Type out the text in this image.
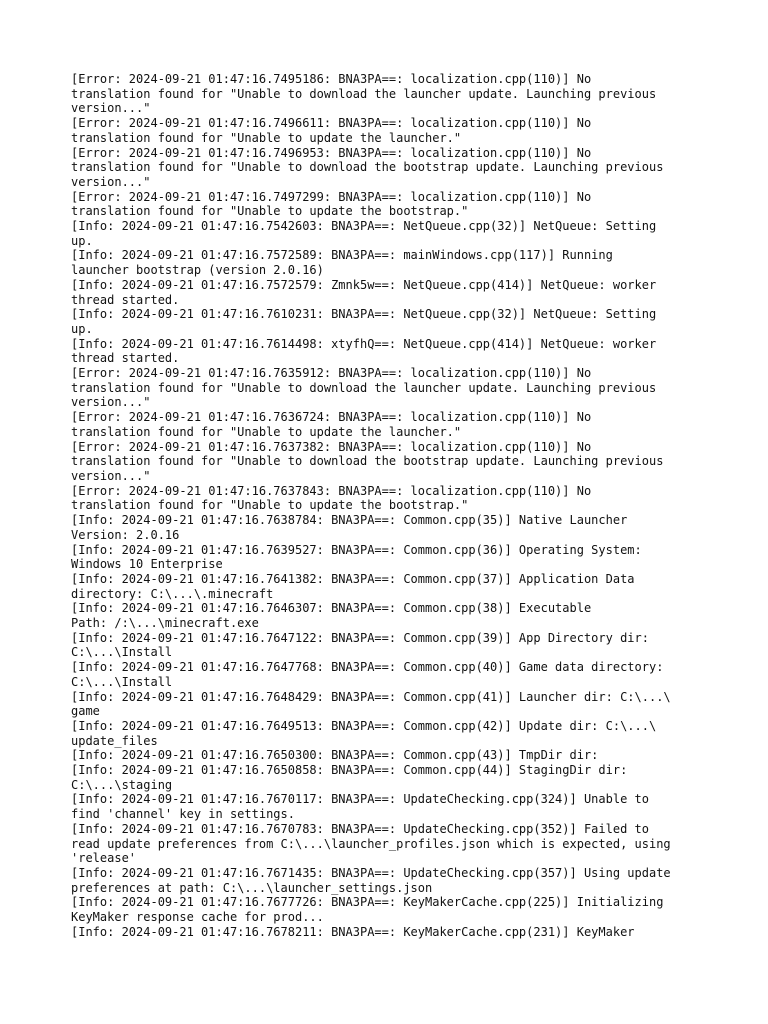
[Error: 2024-09-21 01:47:16.7495186: BNA3PA==: localization.cpp(110)] No
translation found for "Unable to download the launcher update. Launching previous
version..."
[Error: 2024-09-21 01:47:16.7496611: BNA3PA==: localization.cpp(110)] No
translation found for "Unable to update the launcher."
[Error: 2024-09-21 01:47:16.7496953: BNA3PA==: localization.cpp(110)] No
translation found for "Unable to download the bootstrap update. Launching previous
version..."
[Error: 2024-09-21 01:47:16.7497299: BNA3PA==: localization.cpp(110)] No
translation found for "Unable to update the bootstrap."
[Info: 2024-09-21 01:47:16.7542603: BNA3PA==: NetQueue.cpp(32)] NetQueue: Setting
up.
[Info: 2024-09-21 01:47:16.7572589: BNA3PA==: mainWindows.cpp(117)] Running
launcher bootstrap (version 2.0.16)
[Info: 2024-09-21 01:47:16.7572579: Zmnk5w==: NetQueue.cpp(414)] NetQueue: worker
thread started.
[Info: 2024-09-21 01:47:16.7610231: BNA3PA==: NetQueue.cpp(32)] NetQueue: Setting
up.
[Info: 2024-09-21 01:47:16.7614498: xtyfhQ==: NetQueue.cpp(414)] NetQueue: worker
thread started.
[Error: 2024-09-21 01:47:16.7635912: BNA3PA==: localization.cpp(110)] No
translation found for "Unable to download the launcher update. Launching previous
version..."
[Error: 2024-09-21 01:47:16.7636724: BNA3PA==: localization.cpp(110)] No
translation found for "Unable to update the launcher."
[Error: 2024-09-21 01:47:16.7637382: BNA3PA==: localization.cpp(110)] No
translation found for "Unable to download the bootstrap update. Launching previous
version..."
[Error: 2024-09-21 01:47:16.7637843: BNA3PA==: localization.cpp(110)] No
translation found for "Unable to update the bootstrap."
[Info: 2024-09-21 01:47:16.7638784: BNA3PA==: Common.cpp(35)] Native Launcher
Version: 2.0.16
[Info: 2024-09-21 01:47:16.7639527: BNA3PA==: Common.cpp(36)] Operating System:
Windows 10 Enterprise
[Info: 2024-09-21 01:47:16.7641382: BNA3PA==: Common.cpp(37)] Application Data
directory: C:\...\.minecraft
[Info: 2024-09-21 01:47:16.7646307: BNA3PA==: Common.cpp(38)] Executable
Path: /:\...\minecraft.exe
[Info: 2024-09-21 01:47:16.7647122: BNA3PA==: Common.cpp(39)] App Directory dir:
C:\...\Install
[Info: 2024-09-21 01:47:16.7647768: BNA3PA==: Common.cpp(40)] Game data directory:
C:\...\Install
[Info: 2024-09-21 01:47:16.7648429: BNA3PA==: Common.cpp(41)] Launcher dir: C:\...\
game
[Info: 2024-09-21 01:47:16.7649513: BNA3PA==: Common.cpp(42)] Update dir: C:\...\
update_files
[Info: 2024-09-21 01:47:16.7650300: BNA3PA==: Common.cpp(43)] TmpDir dir:
[Info: 2024-09-21 01:47:16.7650858: BNA3PA==: Common.cpp(44)] StagingDir dir:
C:\...\staging
[Info: 2024-09-21 01:47:16.7670117: BNA3PA==: UpdateChecking.cpp(324)] Unable to
find 'channel' key in settings.
[Info: 2024-09-21 01:47:16.7670783: BNA3PA==: UpdateChecking.cpp(352)] Failed to
read update preferences from C:\...\launcher_profiles.json which is expected, using
'release'
[Info: 2024-09-21 01:47:16.7671435: BNA3PA==: UpdateChecking.cpp(357)] Using update
preferences at path: C:\...\launcher_settings.json
[Info: 2024-09-21 01:47:16.7677726: BNA3PA==: KeyMakerCache.cpp(225)] Initializing
KeyMaker response cache for prod...
[Info: 2024-09-21 01:47:16.7678211: BNA3PA==: KeyMakerCache.cpp(231)] KeyMaker
